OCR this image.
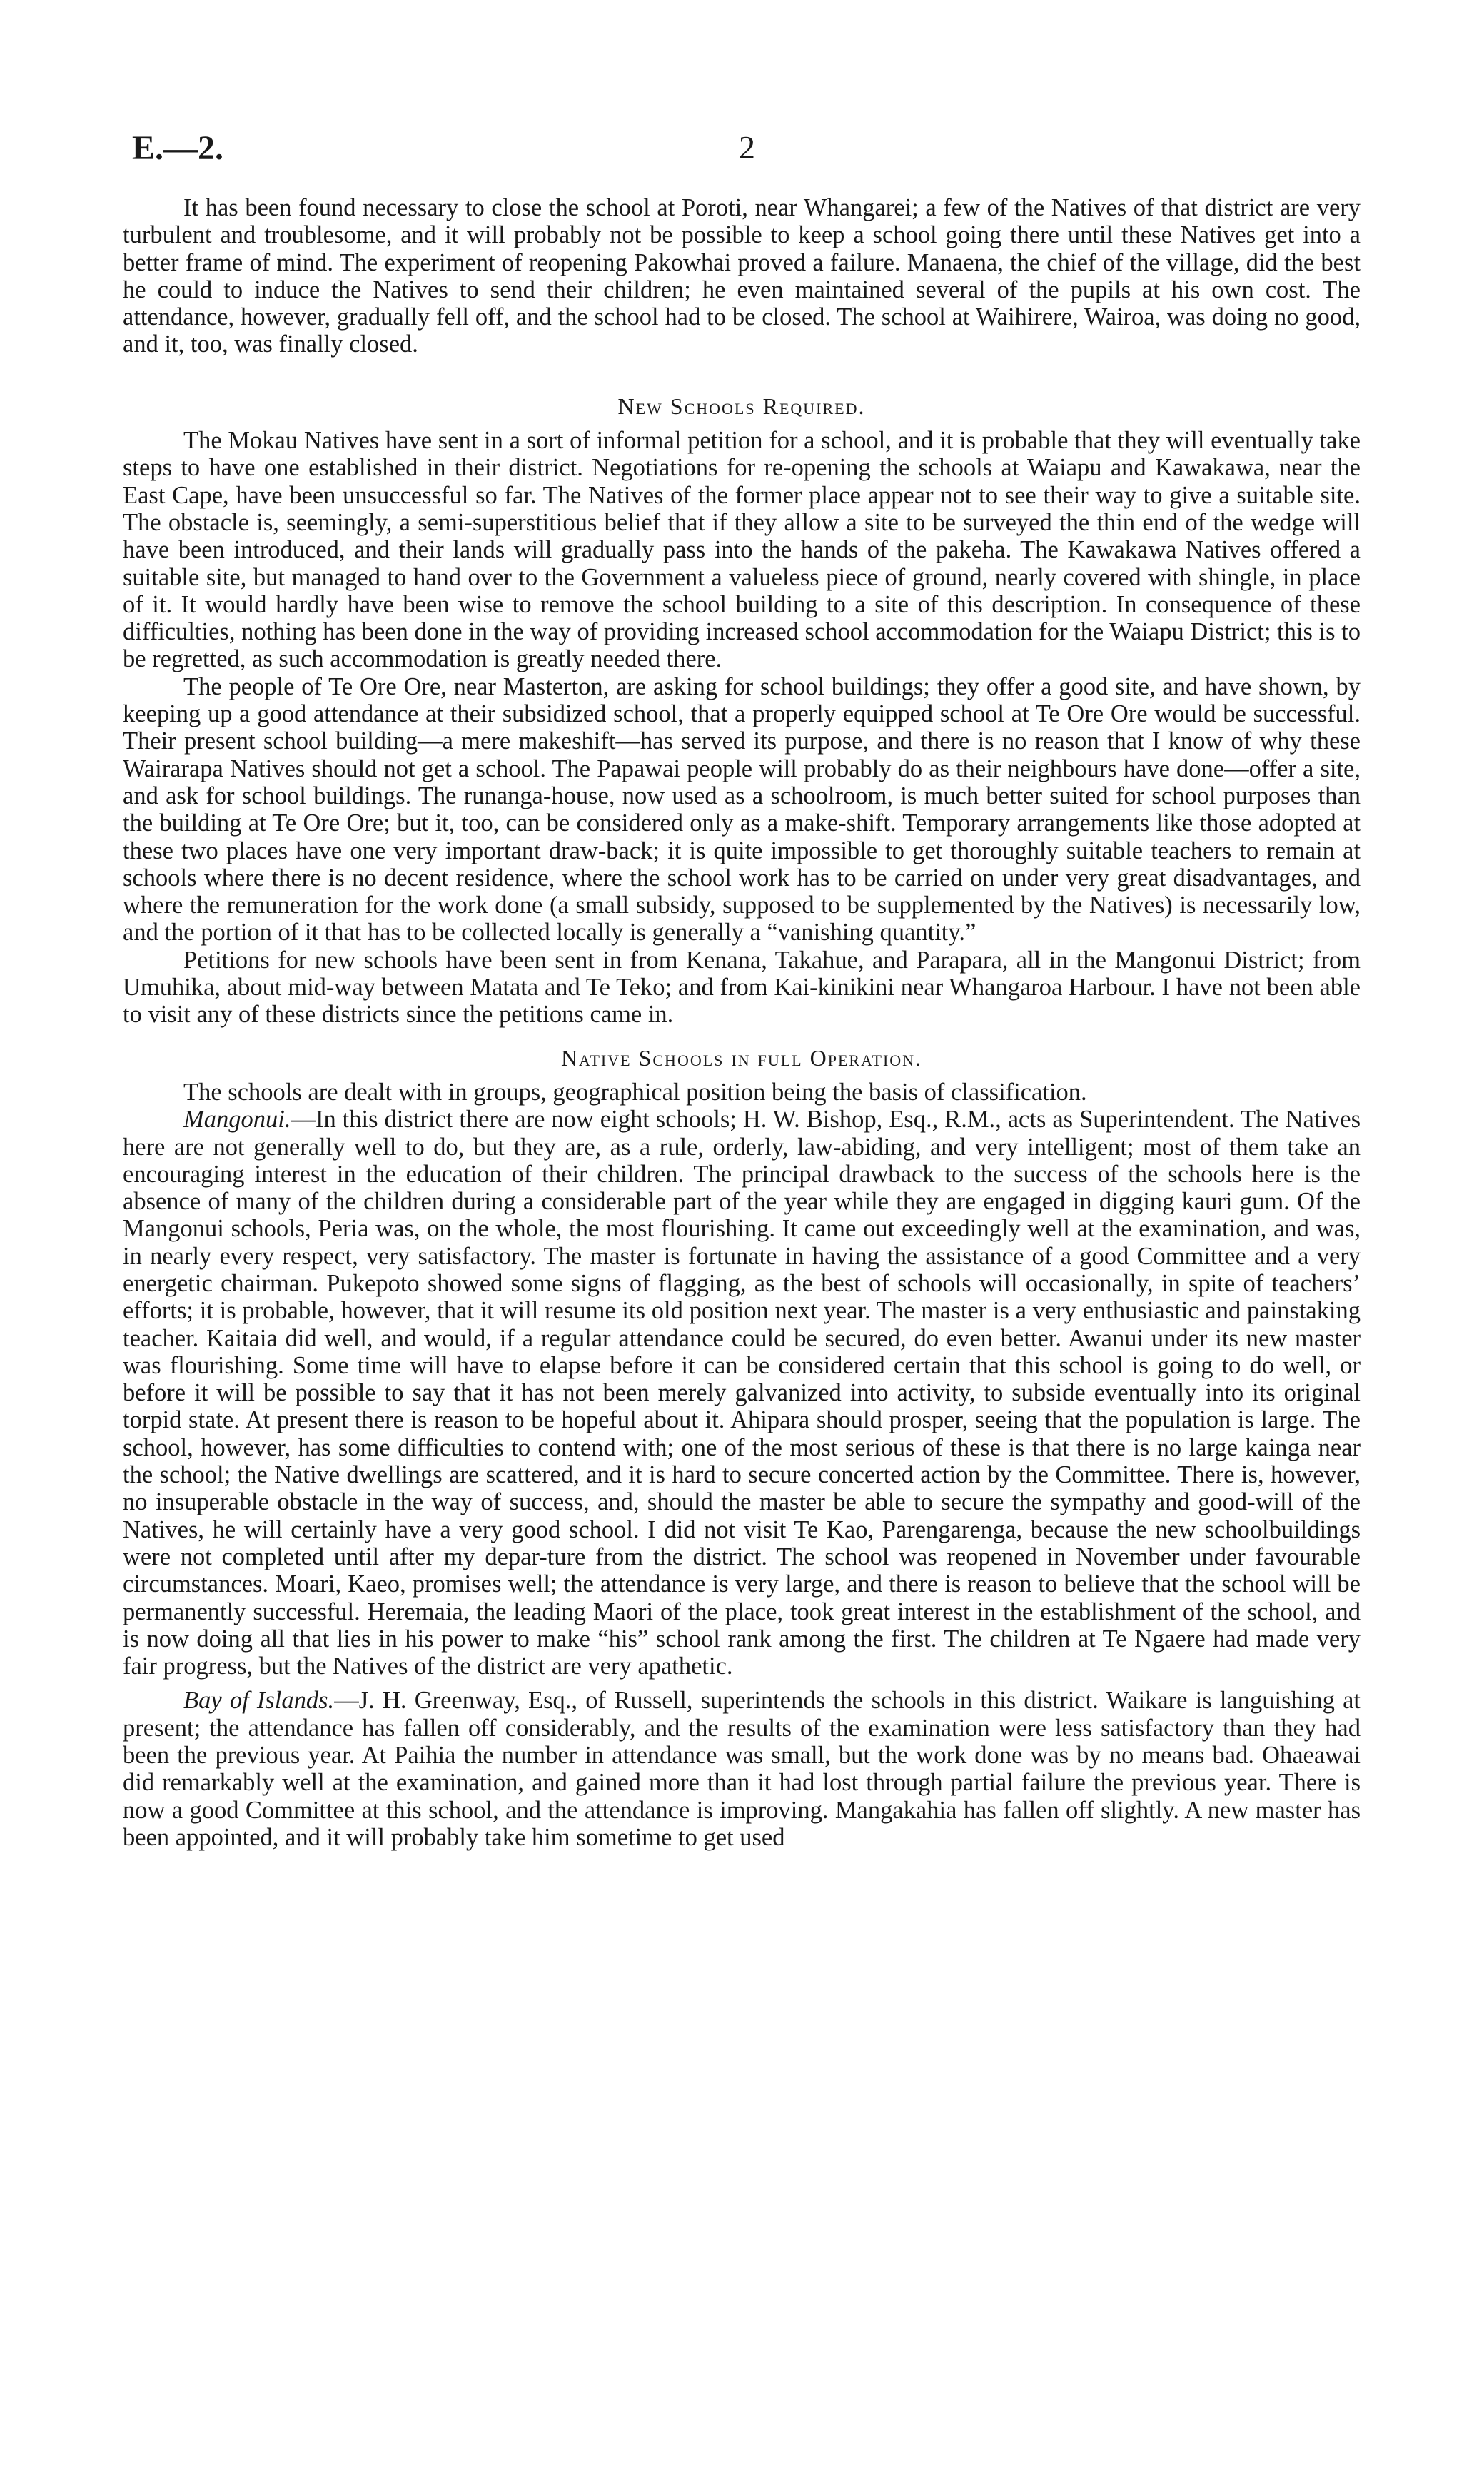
E.—2.	2

It has been found necessary to close the school at Poroti, near Whangarei; a few of the Natives of that district are very turbulent and troublesome, and it will probably not be possible to keep a school going there until these Natives get into a better frame of mind. The experiment of reopening Pakowhai proved a failure. Manaena, the chief of the village, did the best he could to induce the Natives to send their children; he even maintained several of the pupils at his own cost. The attendance, however, gradually fell off, and the school had to be closed. The school at Waihirere, Wairoa, was doing no good, and it, too, was finally closed.

New Schools Required.

The Mokau Natives have sent in a sort of informal petition for a school, and it is probable that they will eventually take steps to have one established in their district. Negotiations for re-opening the schools at Waiapu and Kawakawa, near the East Cape, have been unsuccessful so far. The Natives of the former place appear not to see their way to give a suitable site. The obstacle is, seemingly, a semi-superstitious belief that if they allow a site to be surveyed the thin end of the wedge will have been introduced, and their lands will gradually pass into the hands of the pakeha. The Kawakawa Natives offered a suitable site, but managed to hand over to the Government a valueless piece of ground, nearly covered with shingle, in place of it. It would hardly have been wise to remove the school building to a site of this description. In consequence of these difficulties, nothing has been done in the way of providing increased school accommodation for the Waiapu District; this is to be regretted, as such accommodation is greatly needed there.

The people of Te Ore Ore, near Masterton, are asking for school buildings; they offer a good site, and have shown, by keeping up a good attendance at their subsidized school, that a properly equipped school at Te Ore Ore would be successful. Their present school building—a mere makeshift—has served its purpose, and there is no reason that I know of why these Wairarapa Natives should not get a school. The Papawai people will probably do as their neighbours have done—offer a site, and ask for school buildings. The runanga-house, now used as a schoolroom, is much better suited for school purposes than the building at Te Ore Ore; but it, too, can be considered only as a make-shift. Temporary arrangements like those adopted at these two places have one very important draw-back; it is quite impossible to get thoroughly suitable teachers to remain at schools where there is no decent residence, where the school work has to be carried on under very great disadvantages, and where the remuneration for the work done (a small subsidy, supposed to be supplemented by the Natives) is necessarily low, and the portion of it that has to be collected locally is generally a “vanishing quantity.”

Petitions for new schools have been sent in from Kenana, Takahue, and Parapara, all in the Mangonui District; from Umuhika, about mid-way between Matata and Te Teko; and from Kai-kinikini near Whangaroa Harbour. I have not been able to visit any of these districts since the petitions came in.

Native Schools in full Operation.

The schools are dealt with in groups, geographical position being the basis of classification.

Mangonui.—In this district there are now eight schools; H. W. Bishop, Esq., R.M., acts as Superintendent. The Natives here are not generally well to do, but they are, as a rule, orderly, law-abiding, and very intelligent; most of them take an encouraging interest in the education of their children. The principal drawback to the success of the schools here is the absence of many of the children during a considerable part of the year while they are engaged in digging kauri gum. Of the Mangonui schools, Peria was, on the whole, the most flourishing. It came out exceedingly well at the examination, and was, in nearly every respect, very satisfactory. The master is fortunate in having the assistance of a good Committee and a very energetic chairman. Pukepoto showed some signs of flagging, as the best of schools will occasionally, in spite of teachers’ efforts; it is probable, however, that it will resume its old position next year. The master is a very enthusiastic and painstaking teacher. Kaitaia did well, and would, if a regular attendance could be secured, do even better. Awanui under its new master was flourishing. Some time will have to elapse before it can be considered certain that this school is going to do well, or before it will be possible to say that it has not been merely galvanized into activity, to subside eventually into its original torpid state. At present there is reason to be hopeful about it. Ahipara should prosper, seeing that the population is large. The school, however, has some difficulties to contend with; one of the most serious of these is that there is no large kainga near the school; the Native dwellings are scattered, and it is hard to secure concerted action by the Committee. There is, however, no insuperable obstacle in the way of success, and, should the master be able to secure the sympathy and good-will of the Natives, he will certainly have a very good school. I did not visit Te Kao, Parengarenga, because the new schoolbuildings were not completed until after my depar-ture from the district. The school was reopened in November under favourable circumstances. Moari, Kaeo, promises well; the attendance is very large, and there is reason to believe that the school will be permanently successful. Heremaia, the leading Maori of the place, took great interest in the establishment of the school, and is now doing all that lies in his power to make “his” school rank among the first. The children at Te Ngaere had made very fair progress, but the Natives of the district are very apathetic.

Bay of Islands.—J. H. Greenway, Esq., of Russell, superintends the schools in this district. Waikare is languishing at present; the attendance has fallen off considerably, and the results of the examination were less satisfactory than they had been the previous year. At Paihia the number in attendance was small, but the work done was by no means bad. Ohaeawai did remarkably well at the examination, and gained more than it had lost through partial failure the previous year. There is now a good Committee at this school, and the attendance is improving. Mangakahia has fallen off slightly. A new master has been appointed, and it will probably take him sometime to get used
